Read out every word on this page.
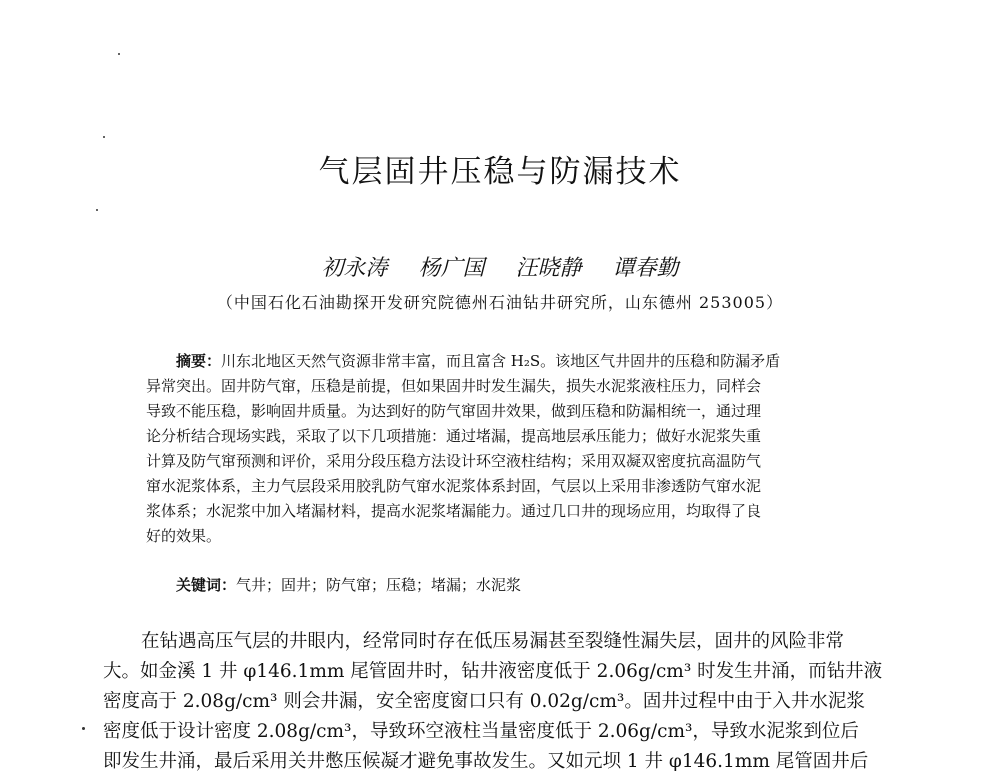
气层固井压稳与防漏技术
初永涛 杨广国 汪晓静 谭春勤
（中国石化石油勘探开发研究院德州石油钻井研究所，山东德州 253005）
摘要：川东北地区天然气资源非常丰富，而且富含 H₂S。该地区气井固井的压稳和防漏矛盾
异常突出。固井防气窜，压稳是前提，但如果固井时发生漏失，损失水泥浆液柱压力，同样会
导致不能压稳，影响固井质量。为达到好的防气窜固井效果，做到压稳和防漏相统一，通过理
论分析结合现场实践，采取了以下几项措施：通过堵漏，提高地层承压能力；做好水泥浆失重
计算及防气窜预测和评价，采用分段压稳方法设计环空液柱结构；采用双凝双密度抗高温防气
窜水泥浆体系，主力气层段采用胶乳防气窜水泥浆体系封固，气层以上采用非渗透防气窜水泥
浆体系；水泥浆中加入堵漏材料，提高水泥浆堵漏能力。通过几口井的现场应用，均取得了良
好的效果。
关键词：气井；固井；防气窜；压稳；堵漏；水泥浆
在钻遇高压气层的井眼内，经常同时存在低压易漏甚至裂缝性漏失层，固井的风险非常
大。如金溪 1 井 φ146.1mm 尾管固井时，钻井液密度低于 2.06g/cm³ 时发生井涌，而钻井液
密度高于 2.08g/cm³ 则会井漏，安全密度窗口只有 0.02g/cm³。固井过程中由于入井水泥浆
密度低于设计密度 2.08g/cm³，导致环空液柱当量密度低于 2.06g/cm³，导致水泥浆到位后
即发生井涌，最后采用关井憋压候凝才避免事故发生。又如元坝 1 井 φ146.1mm 尾管固井后
